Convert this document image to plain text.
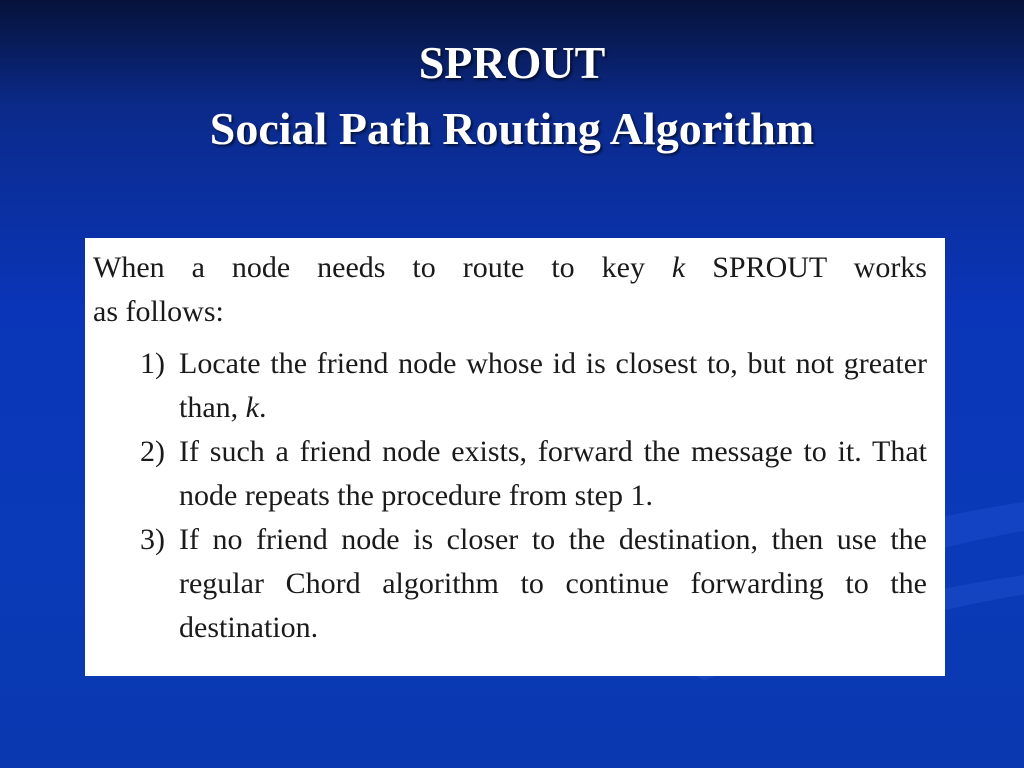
SPROUT
Social Path Routing Algorithm
When a node needs to route to key k SPROUT works
as follows:
1) Locate the friend node whose id is closest to, but not greater than, k.
2) If such a friend node exists, forward the message to it. That node repeats the procedure from step 1.
3) If no friend node is closer to the destination, then use the regular Chord algorithm to continue forwarding to the destination.
